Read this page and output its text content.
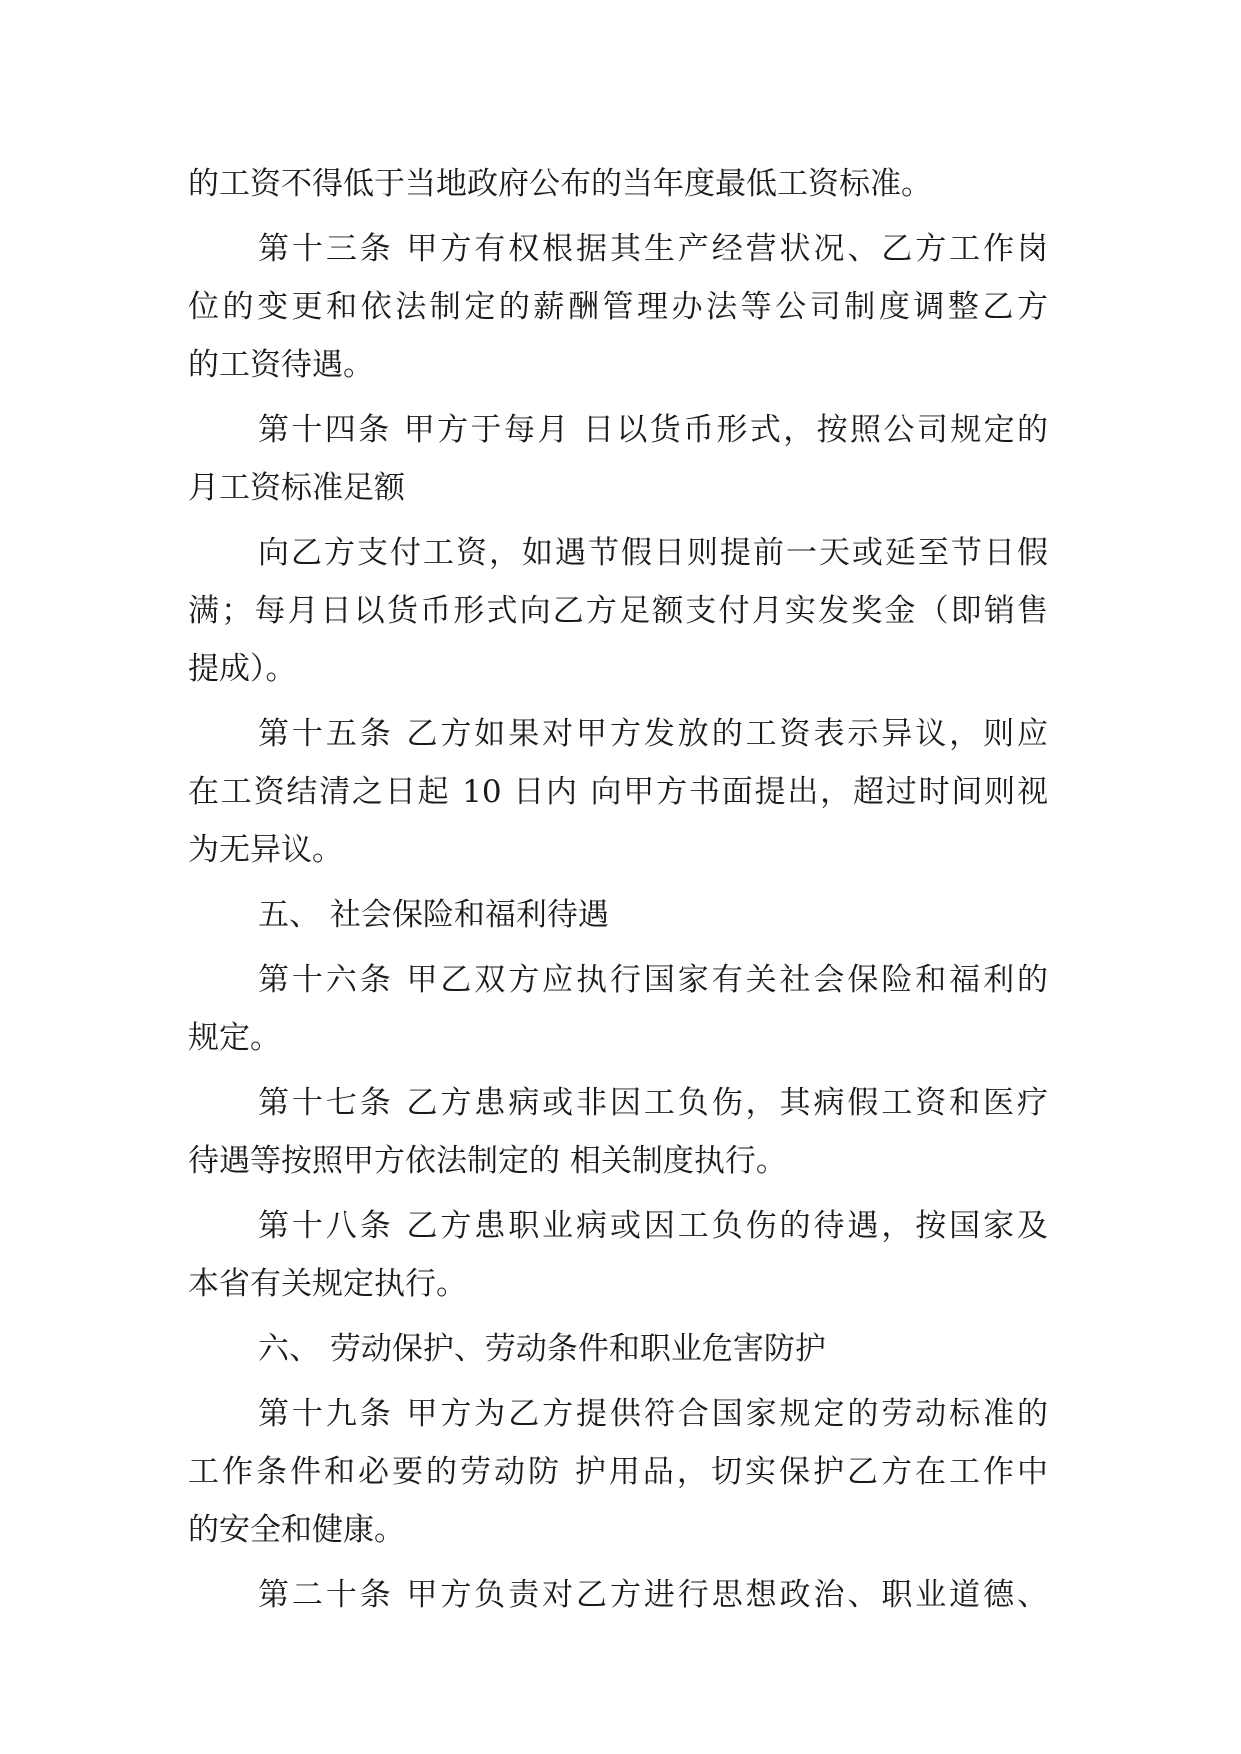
的工资不得低于当地政府公布的当年度最低工资标准。
第十三条 甲方有权根据其生产经营状况、乙方工作岗
位的变更和依法制定的薪酬管理办法等公司制度调整乙方
的工资待遇。
第十四条 甲方于每月 日以货币形式，按照公司规定的
月工资标准足额
向乙方支付工资，如遇节假日则提前一天或延至节日假
满；每月日以货币形式向乙方足额支付月实发奖金（即销售
提成）。
第十五条 乙方如果对甲方发放的工资表示异议，则应
在工资结清之日起 10 日内 向甲方书面提出，超过时间则视
为无异议。
五、 社会保险和福利待遇
第十六条 甲乙双方应执行国家有关社会保险和福利的
规定。
第十七条 乙方患病或非因工负伤，其病假工资和医疗
待遇等按照甲方依法制定的 相关制度执行。
第十八条 乙方患职业病或因工负伤的待遇，按国家及
本省有关规定执行。
六、 劳动保护、劳动条件和职业危害防护
第十九条 甲方为乙方提供符合国家规定的劳动标准的
工作条件和必要的劳动防 护用品，切实保护乙方在工作中
的安全和健康。
第二十条 甲方负责对乙方进行思想政治、职业道德、
